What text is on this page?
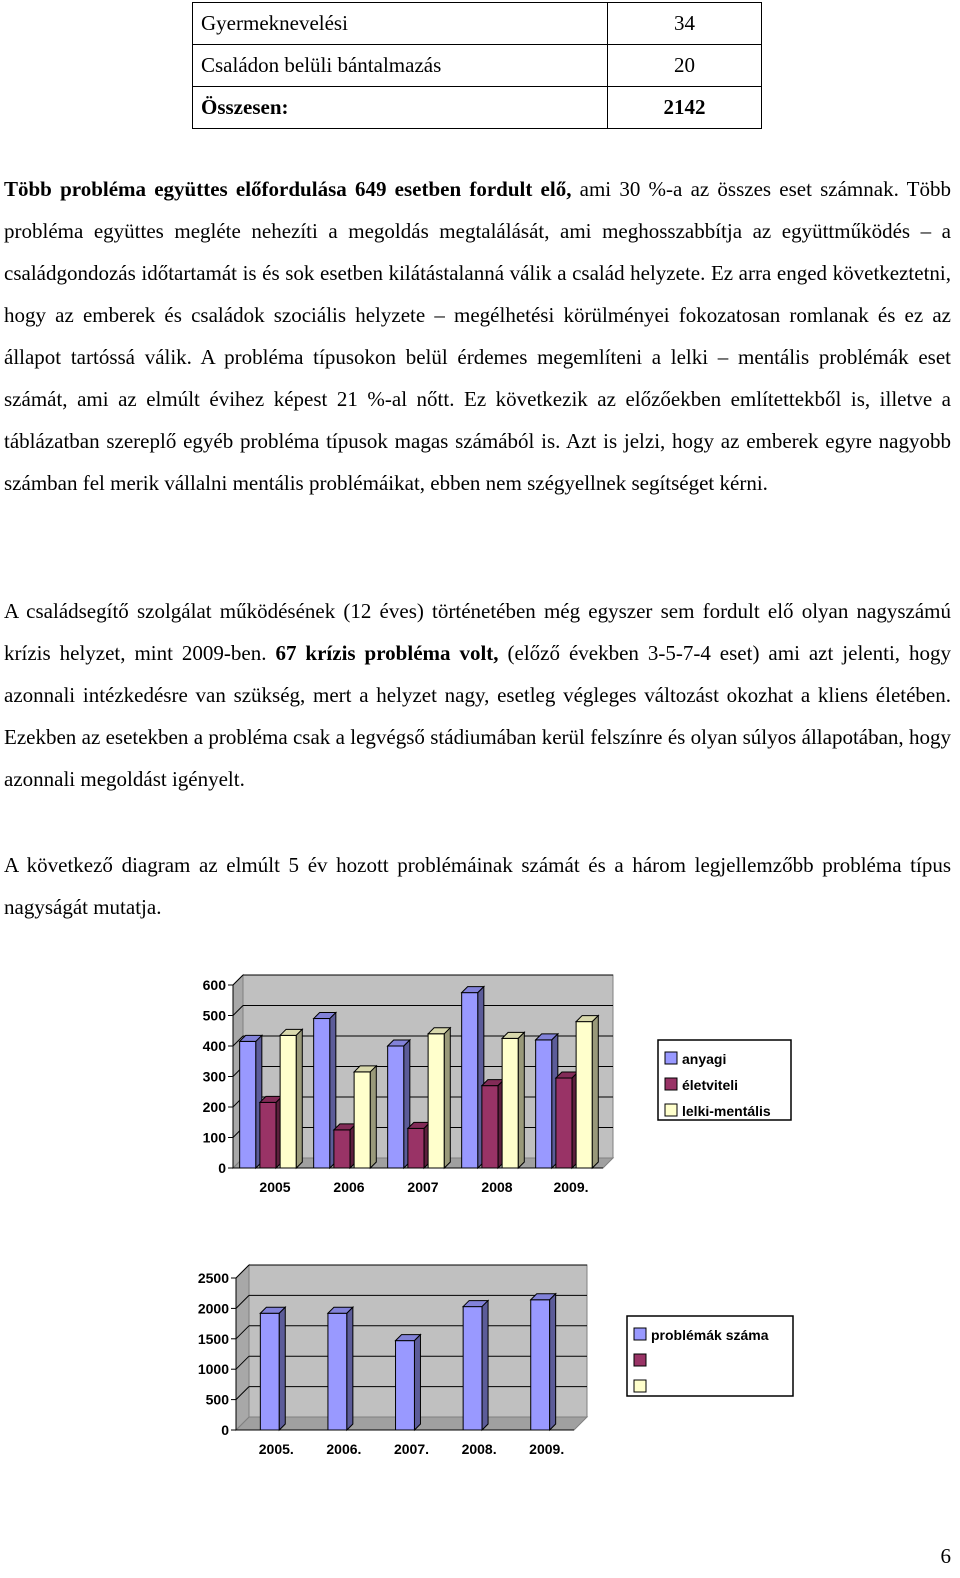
Gyermeknevelési	34
Családon belüli bántalmazás	20
Összesen:	2142

Több probléma együttes előfordulása 649 esetben fordult elő, ami 30 %-a az összes eset számnak. Több probléma együttes megléte nehezíti a megoldás megtalálását, ami meghosszabbítja az együttműködés – a családgondozás időtartamát is és sok esetben kilátástalanná válik a család helyzete. Ez arra enged következtetni, hogy az emberek és családok szociális helyzete – megélhetési körülményei fokozatosan romlanak és ez az állapot tartóssá válik. A probléma típusokon belül érdemes megemlíteni a lelki – mentális problémák eset számát, ami az elmúlt évihez képest 21 %-al nőtt. Ez következik az előzőekben említettekből is, illetve a táblázatban szereplő egyéb probléma típusok magas számából is. Azt is jelzi, hogy az emberek egyre nagyobb számban fel merik vállalni mentális problémáikat, ebben nem szégyellnek segítséget kérni.

A családsegítő szolgálat működésének (12 éves) történetében még egyszer sem fordult elő olyan nagyszámú krízis helyzet, mint 2009-ben. 67 krízis probléma volt, (előző években 3-5-7-4 eset) ami azt jelenti, hogy azonnali intézkedésre van szükség, mert a helyzet nagy, esetleg végleges változást okozhat a kliens életében. Ezekben az esetekben a probléma csak a legvégső stádiumában kerül felszínre és olyan súlyos állapotában, hogy azonnali megoldást igényelt.

A következő diagram az elmúlt 5 év hozott problémáinak számát és a három legjellemzőbb probléma típus nagyságát mutatja.

0
100
200
300
400
500
600
2005	2006	2007	2008	2009.
anyagi
életviteli
lelki-mentális
0
500
1000
1500
2000
2500
2005. 2006. 2007. 2008. 2009.
problémák száma
6
